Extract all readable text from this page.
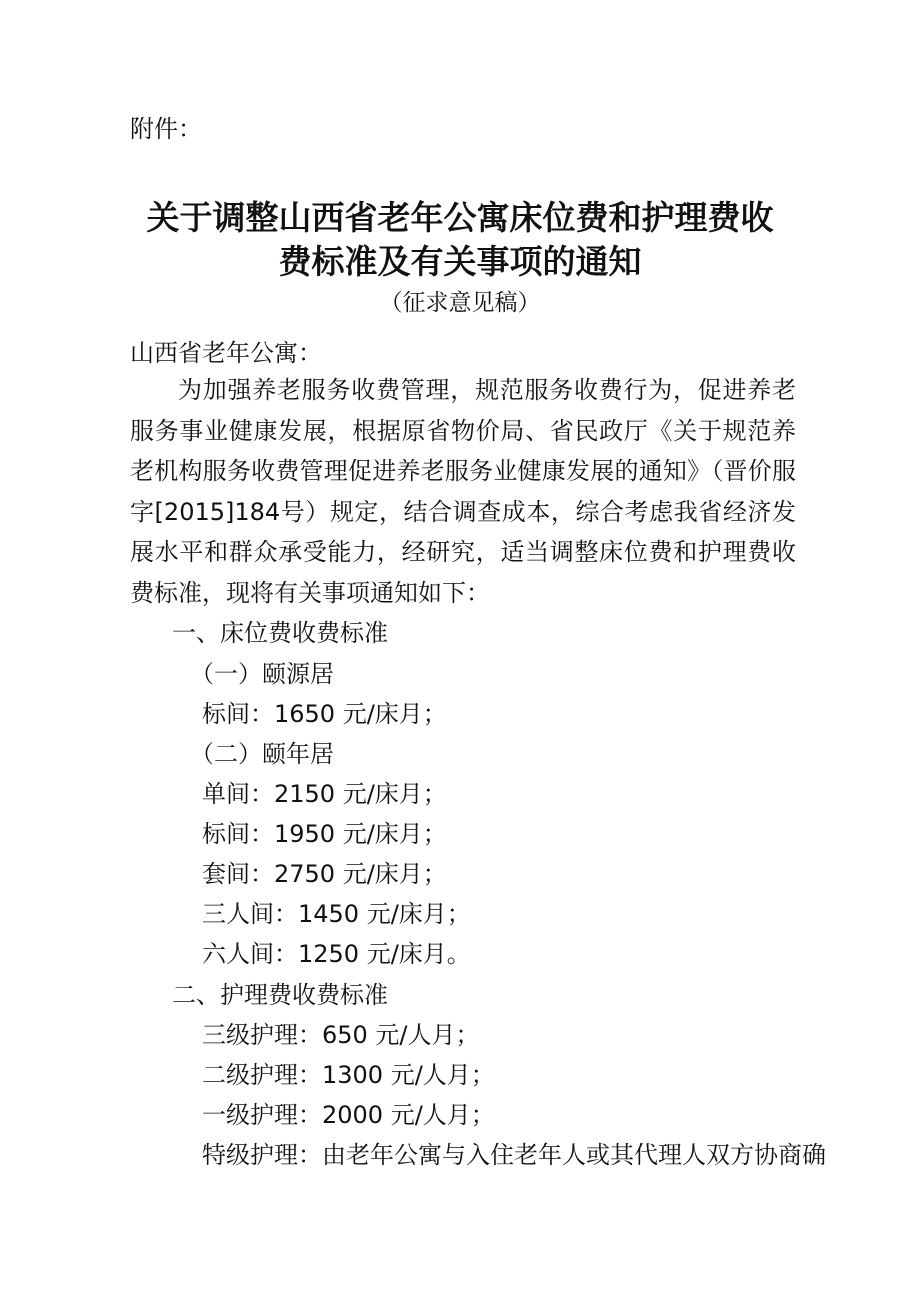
附件：
关于调整山西省老年公寓床位费和护理费收
费标准及有关事项的通知
（征求意见稿）
山西省老年公寓：
为加强养老服务收费管理，规范服务收费行为，促进养老服务事业健康发展，根据原省物价局、省民政厅《关于规范养老机构服务收费管理促进养老服务业健康发展的通知》（晋价服字[2015]184号）规定，结合调查成本，综合考虑我省经济发展水平和群众承受能力，经研究，适当调整床位费和护理费收费标准，现将有关事项通知如下：
一、床位费收费标准
（一）颐源居
标间：1650 元/床月；
（二）颐年居
单间：2150 元/床月；
标间：1950 元/床月；
套间：2750 元/床月；
三人间：1450 元/床月；
六人间：1250 元/床月。
二、护理费收费标准
三级护理：650 元/人月；
二级护理：1300 元/人月；
一级护理：2000 元/人月；
特级护理：由老年公寓与入住老年人或其代理人双方协商确
